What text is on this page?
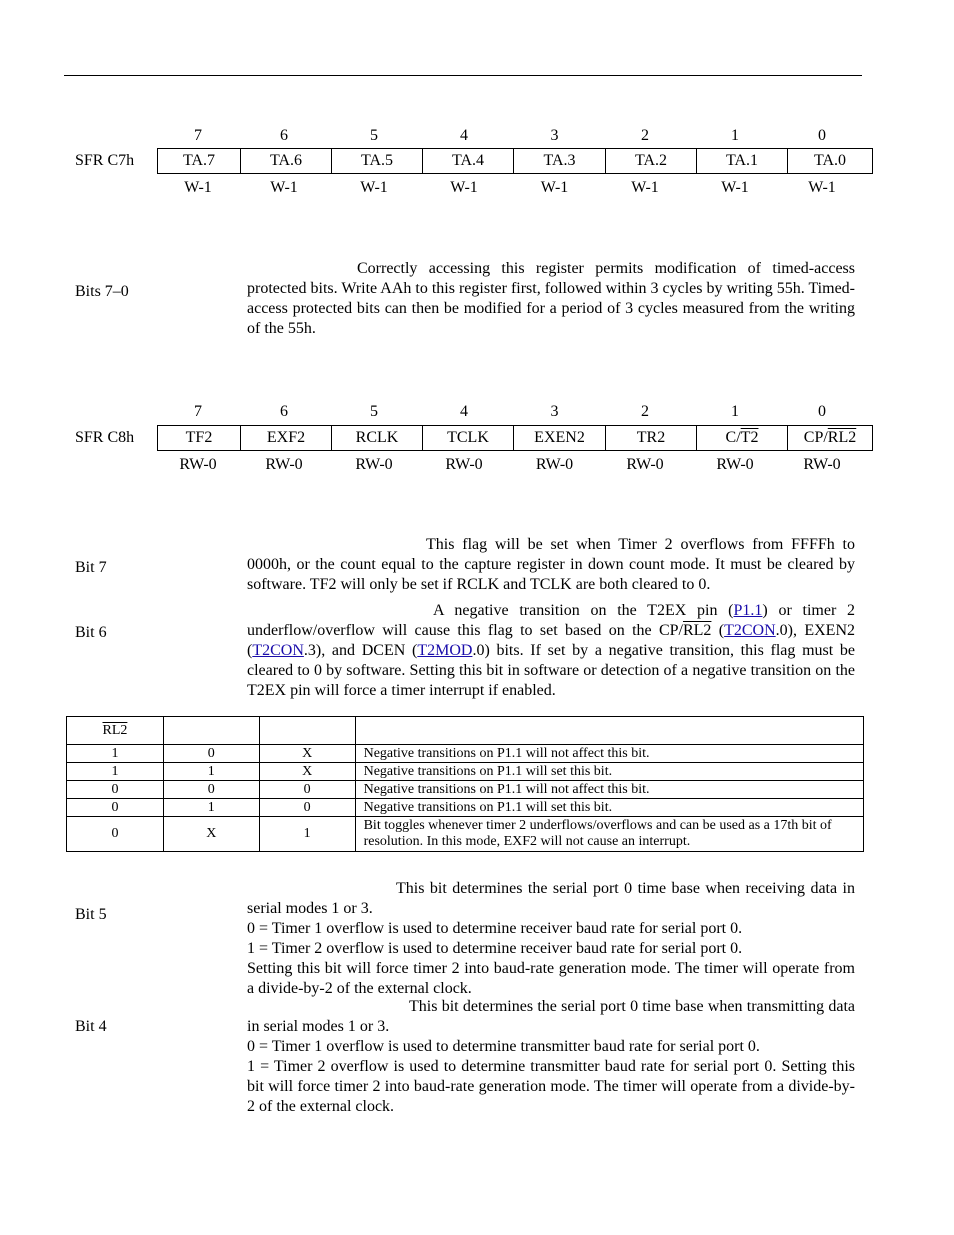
7	6	5	4	3	2	1	0
SFR C7h	TA.7	TA.6	TA.5	TA.4	TA.3	TA.2	TA.1	TA.0
W-1	W-1	W-1	W-1	W-1	W-1	W-1	W-1
Bits 7–0
Correctly accessing this register permits modification of timed-access protected bits. Write AAh to this register first, followed within 3 cycles by writing 55h. Timed-access protected bits can then be modified for a period of 3 cycles measured from the writing of the 55h.
7	6	5	4	3	2	1	0
SFR C8h	TF2	EXF2	RCLK	TCLK	EXEN2	TR2	C/T2	CP/RL2
RW-0	RW-0	RW-0	RW-0	RW-0	RW-0	RW-0	RW-0
Bit 7
This flag will be set when Timer 2 overflows from FFFFh to 0000h, or the count equal to the capture register in down count mode. It must be cleared by software. TF2 will only be set if RCLK and TCLK are both cleared to 0.
Bit 6
A negative transition on the T2EX pin (P1.1) or timer 2 underflow/overflow will cause this flag to set based on the CP/RL2 (T2CON.0), EXEN2 (T2CON.3), and DCEN (T2MOD.0) bits. If set by a negative transition, this flag must be cleared to 0 by software. Setting this bit in software or detection of a negative transition on the T2EX pin will force a timer interrupt if enabled.
RL2			
1	0	X	Negative transitions on P1.1 will not affect this bit.
1	1	X	Negative transitions on P1.1 will set this bit.
0	0	0	Negative transitions on P1.1 will not affect this bit.
0	1	0	Negative transitions on P1.1 will set this bit.
0	X	1	Bit toggles whenever timer 2 underflows/overflows and can be used as a 17th bit of resolution. In this mode, EXF2 will not cause an interrupt.
Bit 5
This bit determines the serial port 0 time base when receiving data in serial modes 1 or 3.
0 = Timer 1 overflow is used to determine receiver baud rate for serial port 0.
1 = Timer 2 overflow is used to determine receiver baud rate for serial port 0.
Setting this bit will force timer 2 into baud-rate generation mode. The timer will operate from a divide-by-2 of the external clock.
Bit 4
This bit determines the serial port 0 time base when transmitting data in serial modes 1 or 3.
0 = Timer 1 overflow is used to determine transmitter baud rate for serial port 0.
1 = Timer 2 overflow is used to determine transmitter baud rate for serial port 0. Setting this bit will force timer 2 into baud-rate generation mode. The timer will operate from a divide-by-2 of the external clock.
